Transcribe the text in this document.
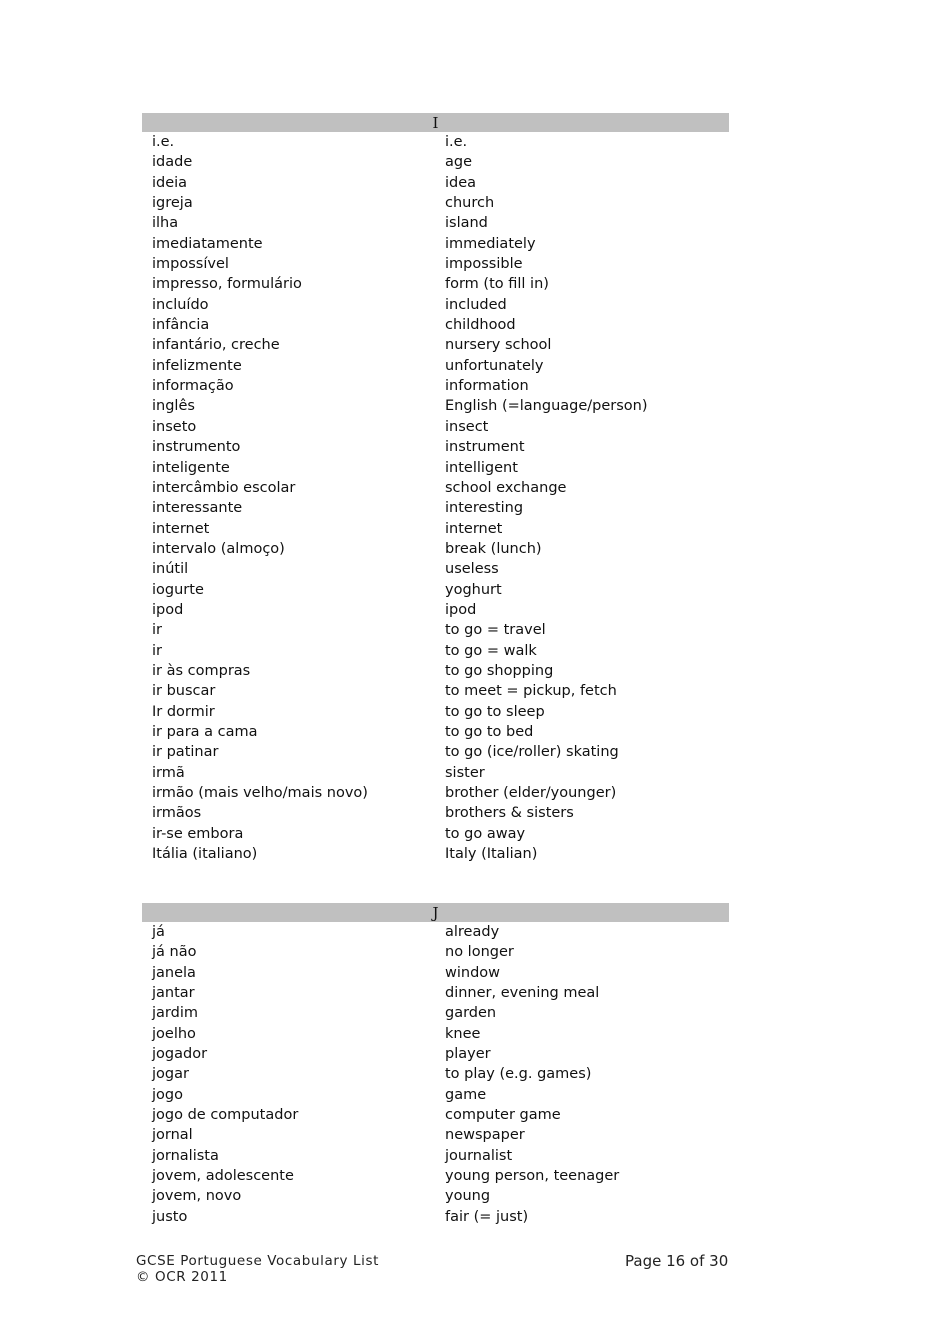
I
i.e.	i.e.
idade	age
ideia	idea
igreja	church
ilha	island
imediatamente	immediately
impossível	impossible
impresso, formulário	form (to fill in)
incluído	included
infância	childhood
infantário, creche	nursery school
infelizmente	unfortunately
informação	information
inglês	English (=language/person)
inseto	insect
instrumento	instrument
inteligente	intelligent
intercâmbio escolar	school exchange
interessante	interesting
internet	internet
intervalo (almoço)	break (lunch)
inútil	useless
iogurte	yoghurt
ipod	ipod
ir	to go = travel
ir	to go = walk
ir às compras	to go shopping
ir buscar	to meet = pickup, fetch
Ir dormir	to go to sleep
ir para a cama	to go to bed
ir patinar	to go (ice/roller) skating
irmã	sister
irmão (mais velho/mais novo)	brother (elder/younger)
irmãos	brothers & sisters
ir-se embora	to go away
Itália (italiano)	Italy (Italian)
J
já	already
já não	no longer
janela	window
jantar	dinner, evening meal
jardim	garden
joelho	knee
jogador	player
jogar	to play (e.g. games)
jogo	game
jogo de computador	computer game
jornal	newspaper
jornalista	journalist
jovem, adolescente	young person, teenager
jovem, novo	young
justo	fair (= just)
GCSE Portuguese Vocabulary List
© OCR 2011
Page 16 of 30
